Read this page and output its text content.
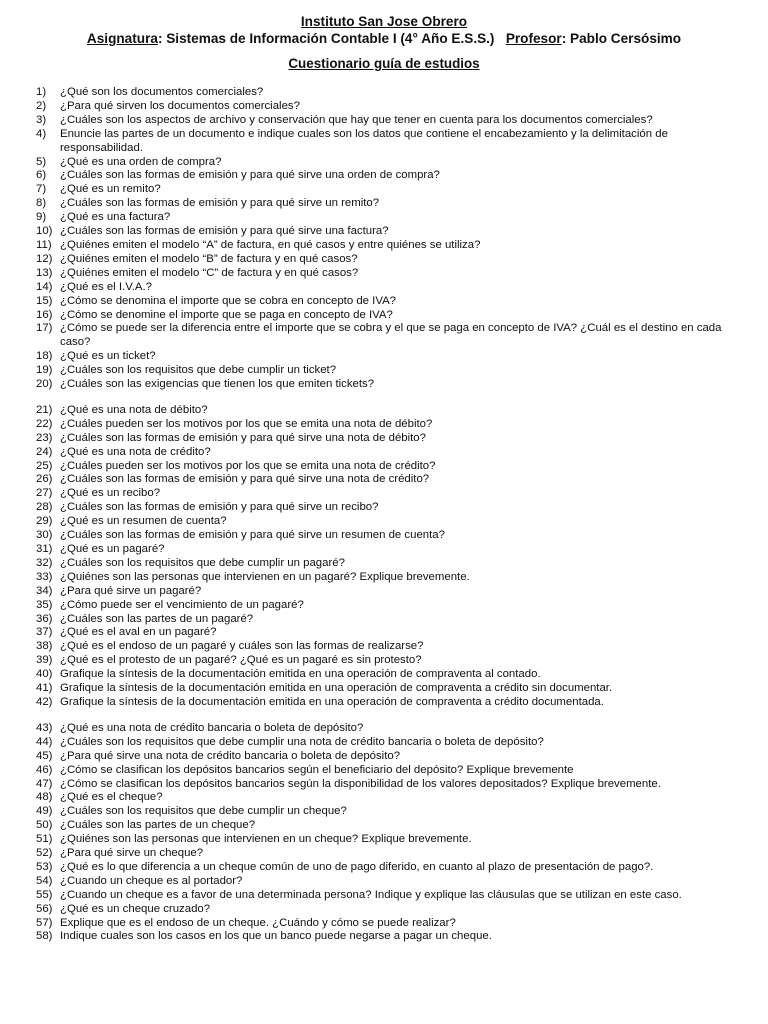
Instituto San Jose Obrero
Asignatura: Sistemas de Información Contable I (4° Año E.S.S.) Profesor: Pablo Cersósimo
Cuestionario guía de estudios
1)	¿Qué son los documentos comerciales?
2)	¿Para qué sirven los documentos comerciales?
3)	¿Cuáles son los aspectos de archivo y conservación que hay que tener en cuenta para los documentos comerciales?
4)	Enuncie las partes de un documento e indique cuales son los datos que contiene el encabezamiento y la delimitación de responsabilidad.
5)	¿Qué es una orden de compra?
6)	¿Cuáles son las formas de emisión y para qué sirve una orden de compra?
7)	¿Qué es un remito?
8)	¿Cuáles son las formas de emisión y para qué sirve un remito?
9)	¿Qué es una factura?
10) ¿Cuáles son las formas de emisión y para qué sirve una factura?
11) ¿Quiénes emiten el modelo “A” de factura, en qué casos y entre quiénes se utiliza?
12) ¿Quiénes emiten el modelo “B” de factura y en qué casos?
13) ¿Quiénes emiten el modelo “C” de factura y en qué casos?
14) ¿Qué es el I.V.A.?
15) ¿Cómo se denomina el importe que se cobra en concepto de IVA?
16) ¿Cómo se denomine el importe que se paga en concepto de IVA?
17) ¿Cómo se puede ser la diferencia entre el importe que se cobra y el que se paga en concepto de IVA? ¿Cuál es el destino en cada caso?
18) ¿Qué es un ticket?
19) ¿Cuáles son los requisitos que debe cumplir un ticket?
20) ¿Cuáles son las exigencias que tienen los que emiten tickets?
21) ¿Qué es una nota de débito?
22) ¿Cuáles pueden ser los motivos por los que se emita una nota de débito?
23) ¿Cuáles son las formas de emisión y para qué sirve una nota de débito?
24) ¿Qué es una nota de crédito?
25) ¿Cuáles pueden ser los motivos por los que se emita una nota de crédito?
26) ¿Cuáles son las formas de emisión y para qué sirve una nota de crédito?
27) ¿Qué es un recibo?
28) ¿Cuáles son las formas de emisión y para qué sirve un recibo?
29) ¿Qué es un resumen de cuenta?
30) ¿Cuáles son las formas de emisión y para qué sirve un resumen de cuenta?
31) ¿Qué es un pagaré?
32) ¿Cuáles son los requisitos que debe cumplir un pagaré?
33) ¿Quiénes son las personas que intervienen en un pagaré? Explique brevemente.
34) ¿Para qué sirve un pagaré?
35) ¿Cómo puede ser el vencimiento de un pagaré?
36) ¿Cuáles son las partes de un pagaré?
37) ¿Qué es el aval en un pagaré?
38) ¿Qué es el endoso de un pagaré y cuáles son las formas de realizarse?
39) ¿Qué es el protesto de un pagaré? ¿Qué es un pagaré es sin protesto?
40) Grafique la síntesis de la documentación emitida en una operación de compraventa al contado.
41) Grafique la síntesis de la documentación emitida en una operación de compraventa a crédito sin documentar.
42) Grafique la síntesis de la documentación emitida en una operación de compraventa a crédito documentada.
43) ¿Qué es una nota de crédito bancaria o boleta de depósito?
44) ¿Cuáles son los requisitos que debe cumplir una nota de crédito bancaria o boleta de depósito?
45) ¿Para qué sirve una nota de crédito bancaria o boleta de depósito?
46) ¿Cómo se clasifican los depósitos bancarios según el beneficiario del depósito? Explique brevemente
47) ¿Cómo se clasifican los depósitos bancarios según la disponibilidad de los valores depositados? Explique brevemente.
48) ¿Qué es el cheque?
49) ¿Cuáles son los requisitos que debe cumplir un cheque?
50) ¿Cuáles son las partes de un cheque?
51) ¿Quiénes son las personas que intervienen en un cheque? Explique brevemente.
52) ¿Para qué sirve un cheque?
53) ¿Qué es lo que diferencia a un cheque común de uno de pago diferido, en cuanto al plazo de presentación de pago?.
54) ¿Cuando un cheque es al portador?
55) ¿Cuando un cheque es a favor de una determinada persona? Indique y explique las cláusulas que se utilizan en este caso.
56) ¿Qué es un cheque cruzado?
57) Explique que es el endoso de un cheque. ¿Cuándo y cómo se puede realizar?
58) Indique cuales son los casos en los que un banco puede negarse a pagar un cheque.
